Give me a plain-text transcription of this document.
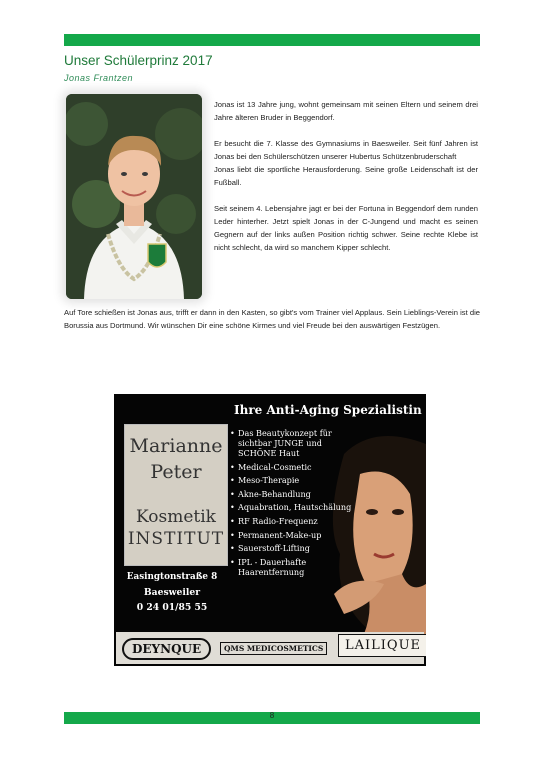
Unser Schülerprinz 2017
Jonas Frantzen

Jonas ist 13 Jahre jung, wohnt gemeinsam mit seinen Eltern und seinem drei Jahre älteren Bruder in Beggendorf.

Er besucht die 7. Klasse des Gymnasiums in Baesweiler. Seit fünf Jahren ist Jonas bei den Schülerschützen unserer Hubertus Schützenbruderschaft

Jonas liebt die sportliche Herausforderung. Seine große Leidenschaft ist der Fußball.

Seit seinem 4. Lebensjahre jagt er bei der Fortuna in Beggendorf dem runden Leder hinterher. Jetzt spielt Jonas in der C-Jungend und macht es seinen Gegnern auf der links außen Position richtig schwer. Seine rechte Klebe ist nicht schlecht, da wird so manchem Kipper schlecht.

Auf Tore schießen ist Jonas aus, trifft er dann in den Kasten, so gibt's vom Trainer viel Applaus. Sein Lieblings-Verein ist die Borussia aus Dortmund. Wir wünschen Dir eine schöne Kirmes und viel Freude bei den auswärtigen Festzügen.
Ihre Anti-Aging Spezialistin
• Das Beautykonzept für sichtbar JUNGE und SCHÖNE Haut
• Medical-Cosmetic
• Meso-Therapie
• Akne-Behandlung
• Aquabration, Hautschälung
• RF Radio-Frequenz
• Permanent-Make-up
• Sauerstoff-Lifting
• IPL - Dauerhafte Haarentfernung
Marianne
Peter
Kosmetik
INSTITUT
Easingtonstraße 8
Baesweiler
0 24 01/85 55
DEYNQUE	QMS MEDICOSMETICS	LAILIQUE
8
